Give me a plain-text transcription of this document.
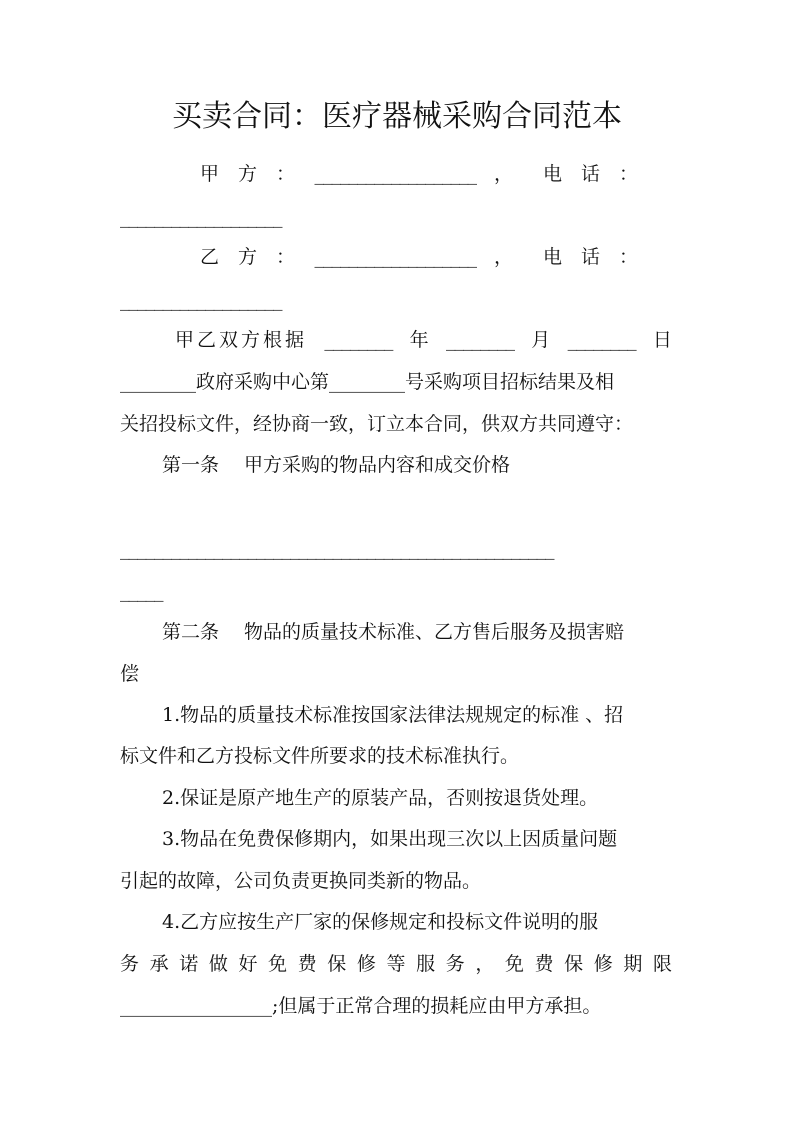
买卖合同：医疗器械采购合同范本
甲　方　：　___________________ ， 电　话　：
___________________
乙　方　：　___________________ ， 电　话　：
___________________
甲乙双方根据 ________ 年 ________ 月 ________ 日
________政府采购中心第________号采购项目招标结果及相
关招投标文件，经协商一致，订立本合同，供双方共同遵守：
第一条　 甲方采购的物品内容和成交价格
___________________________________________________
_____
第二条　 物品的质量技术标准、乙方售后服务及损害赔
偿
1.物品的质量技术标准按国家法律法规规定的标准 、招
标文件和乙方投标文件所要求的技术标准执行。
2.保证是原产地生产的原装产品，否则按退货处理。
3.物品在免费保修期内，如果出现三次以上因质量问题
引起的故障，公司负责更换同类新的物品。
4.乙方应按生产厂家的保修规定和投标文件说明的服
务 承 诺 做 好 免 费 保 修 等 服 务 ， 免 费 保 修 期 限
________________;但属于正常合理的损耗应由甲方承担。
